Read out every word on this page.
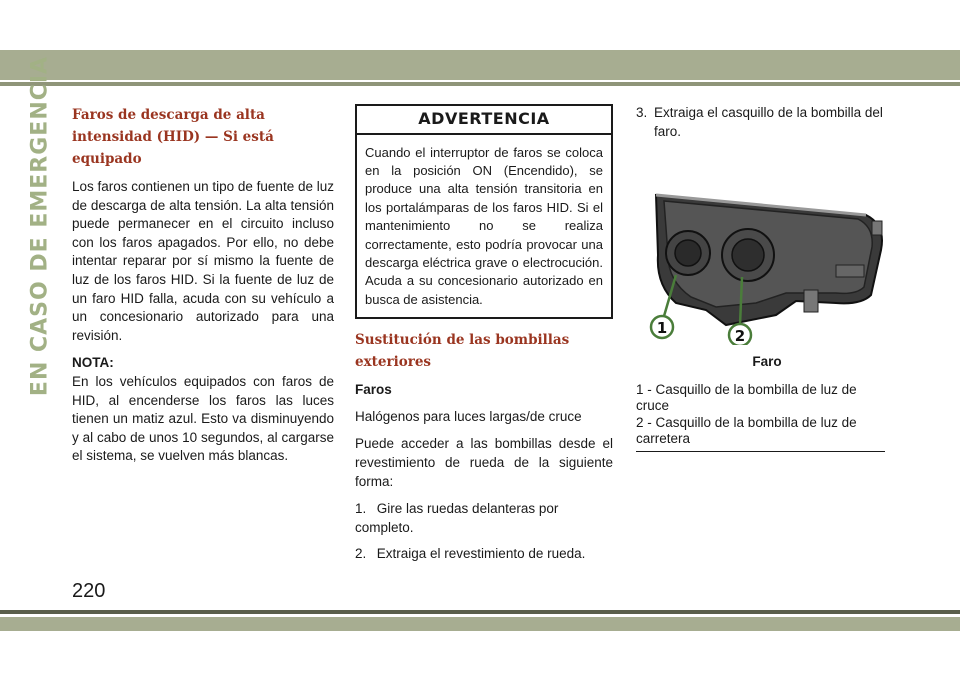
EN CASO DE EMERGENCIA Faros de descarga de alta intensidad (HID) — Si está equipado

Los faros contienen un tipo de fuente de luz de descarga de alta tensión. La alta tensión puede permanecer en el circuito incluso con los faros apagados. Por ello, no debe intentar reparar por sí mismo la fuente de luz de los faros HID. Si la fuente de luz de un faro HID falla, acuda con su vehículo a un concesionario autorizado para una revisión.

NOTA:

En los vehículos equipados con faros de HID, al encenderse los faros las luces tienen un matiz azul. Esto va disminuyendo y al cabo de unos 10 segundos, al cargarse el sistema, se vuelven más blancas.

ADVERTENCIA
Cuando el interruptor de faros se coloca en la posición ON (Encendido), se produce una alta tensión transitoria en los portalámparas de los faros HID. Si el mantenimiento no se realiza correctamente, esto podría provocar una descarga eléctrica grave o electrocución. Acuda a su concesionario autorizado en busca de asistencia.
Sustitución de las bombillas exteriores
Faros

Halógenos para luces largas/de cruce

Puede acceder a las bombillas desde el revestimiento de rueda de la siguiente forma:

1. Gire las ruedas delanteras por completo.
2. Extraiga el revestimiento de rueda.
3. Extraiga el casquillo de la bombilla del faro.
1	2
Faro

1 - Casquillo de la bombilla de luz de cruce

2 - Casquillo de la bombilla de luz de carretera

220
